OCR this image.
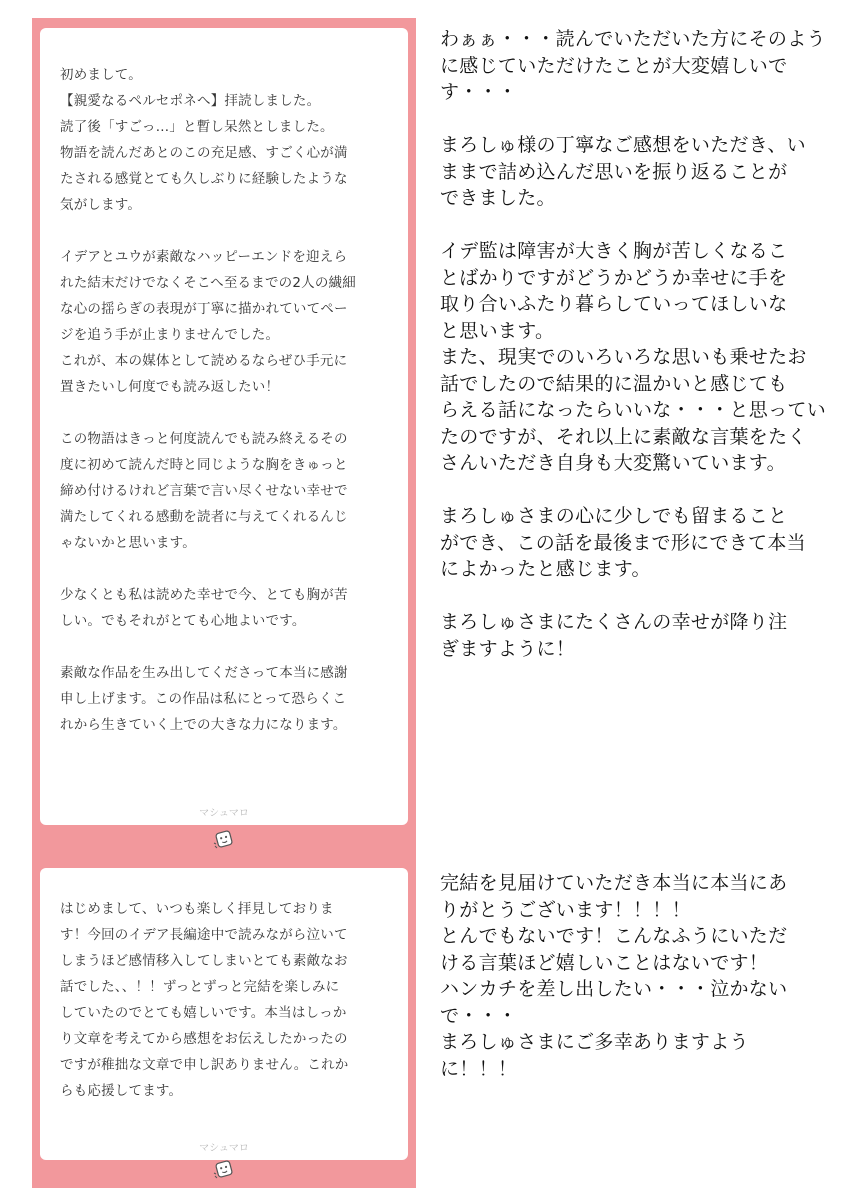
初めまして。
【親愛なるペルセポネへ】拝読しました。
読了後「すごっ…」と暫し呆然としました。
物語を読んだあとのこの充足感、すごく心が満
たされる感覚とても久しぶりに経験したような
気がします。

イデアとユウが素敵なハッピーエンドを迎えら
れた結末だけでなくそこへ至るまでの2人の繊細
な心の揺らぎの表現が丁寧に描かれていてペー
ジを追う手が止まりませんでした。
これが、本の媒体として読めるならぜひ手元に
置きたいし何度でも読み返したい！

この物語はきっと何度読んでも読み終えるその
度に初めて読んだ時と同じような胸をきゅっと
締め付けるけれど言葉で言い尽くせない幸せで
満たしてくれる感動を読者に与えてくれるんじ
ゃないかと思います。

少なくとも私は読めた幸せで今、とても胸が苦
しい。でもそれがとても心地よいです。

素敵な作品を生み出してくださって本当に感謝
申し上げます。この作品は私にとって恐らくこ
れから生きていく上での大きな力になります。
マシュマロ
わぁぁ・・・読んでいただいた方にそのよう
に感じていただけたことが大変嬉しいで
す・・・

まろしゅ様の丁寧なご感想をいただき、い
ままで詰め込んだ思いを振り返ることが
できました。

イデ監は障害が大きく胸が苦しくなるこ
とばかりですがどうかどうか幸せに手を
取り合いふたり暮らしていってほしいな
と思います。
また、現実でのいろいろな思いも乗せたお
話でしたので結果的に温かいと感じても
らえる話になったらいいな・・・と思ってい
たのですが、それ以上に素敵な言葉をたく
さんいただき自身も大変驚いています。

まろしゅさまの心に少しでも留まること
ができ、この話を最後まで形にできて本当
によかったと感じます。

まろしゅさまにたくさんの幸せが降り注
ぎますように！
はじめまして、いつも楽しく拝見しておりま
す！今回のイデア長編途中で読みながら泣いて
しまうほど感情移入してしまいとても素敵なお
話でした、、！！ずっとずっと完結を楽しみに
していたのでとても嬉しいです。本当はしっか
り文章を考えてから感想をお伝えしたかったの
ですが稚拙な文章で申し訳ありません。これか
らも応援してます。
マシュマロ
完結を見届けていただき本当に本当にあ
りがとうございます！！！！
とんでもないです！こんなふうにいただ
ける言葉ほど嬉しいことはないです！
ハンカチを差し出したい・・・泣かない
で・・・
まろしゅさまにご多幸ありますよう
に！！！
